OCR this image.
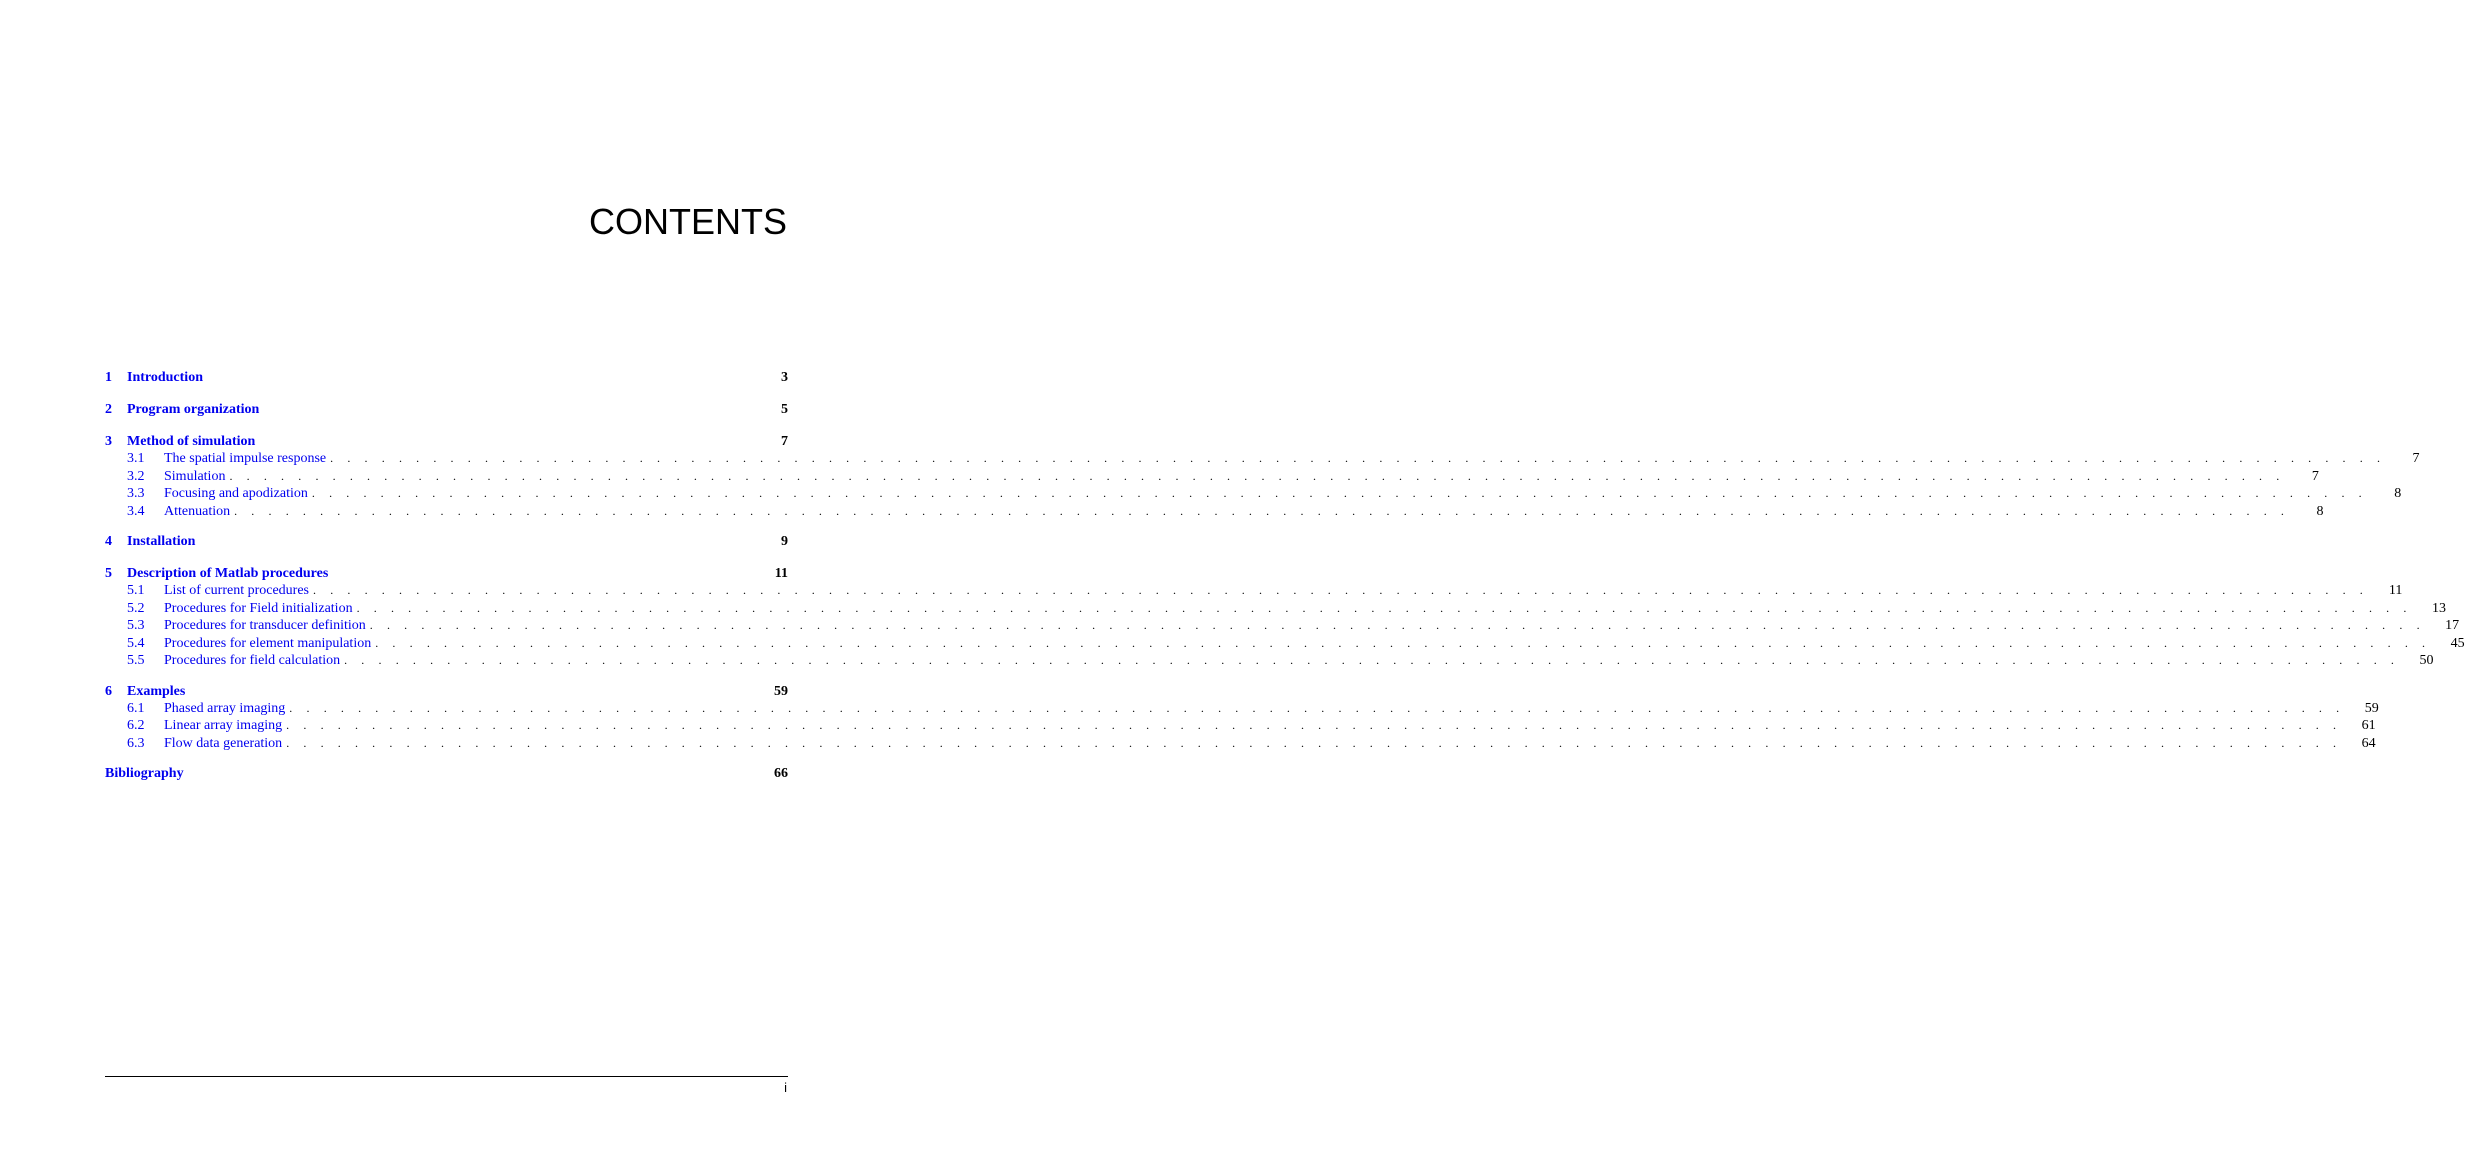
CONTENTS
1	Introduction	3
2	Program organization	5
3	Method of simulation	7
3.1	The spatial impulse response . . . . . . . . . . . . . . . . . . . . . . . . . . . . . . . . . . . . . . . . . . . . . . . . . . . . . . . . . . . . . . . . . . . . . . . . . . . . . . . . . . . . . . . . . . . . . . . . . . . . . . . . . . . . . . . . . . . . . . . .	7
3.2	Simulation . . . . . . . . . . . . . . . . . . . . . . . . . . . . . . . . . . . . . . . . . . . . . . . . . . . . . . . . . . . . . . . . . . . . . . . . . . . . . . . . . . . . . . . . . . . . . . . . . . . . . . . . . . . . . . . . . . . . . . . .	7
3.3	Focusing and apodization . . . . . . . . . . . . . . . . . . . . . . . . . . . . . . . . . . . . . . . . . . . . . . . . . . . . . . . . . . . . . . . . . . . . . . . . . . . . . . . . . . . . . . . . . . . . . . . . . . . . . . . . . . . . . . . . . . . . . . . .	8
3.4	Attenuation . . . . . . . . . . . . . . . . . . . . . . . . . . . . . . . . . . . . . . . . . . . . . . . . . . . . . . . . . . . . . . . . . . . . . . . . . . . . . . . . . . . . . . . . . . . . . . . . . . . . . . . . . . . . . . . . . . . . . . . .	8
4	Installation	9
5	Description of Matlab procedures	11
5.1	List of current procedures . . . . . . . . . . . . . . . . . . . . . . . . . . . . . . . . . . . . . . . . . . . . . . . . . . . . . . . . . . . . . . . . . . . . . . . . . . . . . . . . . . . . . . . . . . . . . . . . . . . . . . . . . . . . . . . . . . . . . . . .	11
5.2	Procedures for Field initialization . . . . . . . . . . . . . . . . . . . . . . . . . . . . . . . . . . . . . . . . . . . . . . . . . . . . . . . . . . . . . . . . . . . . . . . . . . . . . . . . . . . . . . . . . . . . . . . . . . . . . . . . . . . . . . . . . . . . . . . .	13
5.3	Procedures for transducer definition . . . . . . . . . . . . . . . . . . . . . . . . . . . . . . . . . . . . . . . . . . . . . . . . . . . . . . . . . . . . . . . . . . . . . . . . . . . . . . . . . . . . . . . . . . . . . . . . . . . . . . . . . . . . . . . . . . . . . . . .	17
5.4	Procedures for element manipulation . . . . . . . . . . . . . . . . . . . . . . . . . . . . . . . . . . . . . . . . . . . . . . . . . . . . . . . . . . . . . . . . . . . . . . . . . . . . . . . . . . . . . . . . . . . . . . . . . . . . . . . . . . . . . . . . . . . . . . . .	45
5.5	Procedures for field calculation . . . . . . . . . . . . . . . . . . . . . . . . . . . . . . . . . . . . . . . . . . . . . . . . . . . . . . . . . . . . . . . . . . . . . . . . . . . . . . . . . . . . . . . . . . . . . . . . . . . . . . . . . . . . . . . . . . . . . . . .	50
6	Examples	59
6.1	Phased array imaging . . . . . . . . . . . . . . . . . . . . . . . . . . . . . . . . . . . . . . . . . . . . . . . . . . . . . . . . . . . . . . . . . . . . . . . . . . . . . . . . . . . . . . . . . . . . . . . . . . . . . . . . . . . . . . . . . . . . . . . .	59
6.2	Linear array imaging . . . . . . . . . . . . . . . . . . . . . . . . . . . . . . . . . . . . . . . . . . . . . . . . . . . . . . . . . . . . . . . . . . . . . . . . . . . . . . . . . . . . . . . . . . . . . . . . . . . . . . . . . . . . . . . . . . . . . . . .	61
6.3	Flow data generation . . . . . . . . . . . . . . . . . . . . . . . . . . . . . . . . . . . . . . . . . . . . . . . . . . . . . . . . . . . . . . . . . . . . . . . . . . . . . . . . . . . . . . . . . . . . . . . . . . . . . . . . . . . . . . . . . . . . . . . .	64
Bibliography	66
i
